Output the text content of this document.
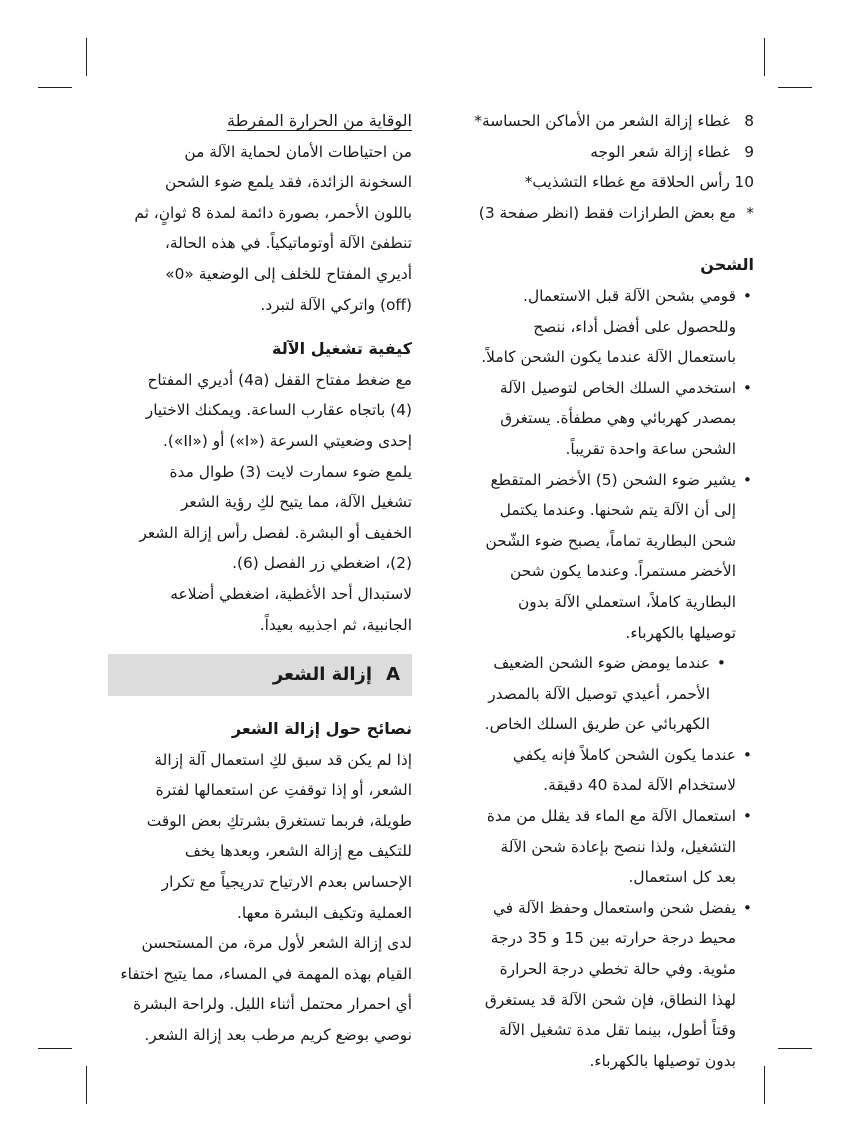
8غطاء إزالة الشعر من الأماكن الحساسة*
9غطاء إزالة شعر الوجه
10رأس الحلاقة مع غطاء التشذيب*
*مع بعض الطرازات فقط (انظر صفحة 3)
الشحن
• قومي بشحن الآلة قبل الاستعمال.
وللحصول على أفضل أداء، ننصح
باستعمال الآلة عندما يكون الشحن كاملاً.
• استخدمي السلك الخاص لتوصيل الآلة
بمصدر كهربائي وهي مطفأة. يستغرق
الشحن ساعة واحدة تقريباً.
• يشير ضوء الشحن (5) الأخضر المتقطع
إلى أن الآلة يتم شحنها. وعندما يكتمل
شحن البطارية تماماً، يصبح ضوء الشّحن
الأخضر مستمراً. وعندما يكون شحن
البطارية كاملاً، استعملي الآلة بدون
توصيلها بالكهرباء.
• عندما يومض ضوء الشحن الضعيف
الأحمر، أعيدي توصيل الآلة بالمصدر
الكهربائي عن طريق السلك الخاص.
• عندما يكون الشحن كاملاً فإنه يكفي
لاستخدام الآلة لمدة 40 دقيقة.
• استعمال الآلة مع الماء قد يقلل من مدة
التشغيل، ولذا ننصح بإعادة شحن الآلة
بعد كل استعمال.
• يفضل شحن واستعمال وحفظ الآلة في
محيط درجة حرارته بين 15 و 35 درجة
مئوية. وفي حالة تخطي درجة الحرارة
لهذا النطاق، فإن شحن الآلة قد يستغرق
وقتاً أطول، بينما تقل مدة تشغيل الآلة
بدون توصيلها بالكهرباء.
الوقاية من الحرارة المفرطة
من احتياطات الأمان لحماية الآلة من
السخونة الزائدة، فقد يلمع ضوء الشحن
باللون الأحمر، بصورة دائمة لمدة 8 ثوانٍ، ثم
تنطفئ الآلة أوتوماتيكياً. في هذه الحالة،
أديري المفتاح للخلف إلى الوضعية «0»
(off) واتركي الآلة لتبرد.
كيفية تشغيل الآلة
مع ضغط مفتاح القفل (4a) أديري المفتاح
(4) باتجاه عقارب الساعة. ويمكنك الاختيار
إحدى وضعيتي السرعة («I») أو («II»).
يلمع ضوء سمارت لايت (3) طوال مدة
تشغيل الآلة، مما يتيح لكِ رؤية الشعر
الخفيف أو البشرة. لفصل رأس إزالة الشعر
(2)، اضغطي زر الفصل (6).
لاستبدال أحد الأغطية، اضغطي أضلاعه
الجانبية، ثم اجذبيه بعيداً.
A
إزالة الشعر
نصائح حول إزالة الشعر
إذا لم يكن قد سبق لكِ استعمال آلة إزالة
الشعر، أو إذا توقفتِ عن استعمالها لفترة
طويلة، فربما تستغرق بشرتكِ بعض الوقت
للتكيف مع إزالة الشعر، وبعدها يخف
الإحساس بعدم الارتياح تدريجياً مع تكرار
العملية وتكيف البشرة معها.
لدى إزالة الشعر لأول مرة، من المستحسن
القيام بهذه المهمة في المساء، مما يتيح اختفاء
أي احمرار محتمل أثناء الليل. ولراحة البشرة
نوصي بوضع كريم مرطب بعد إزالة الشعر.
